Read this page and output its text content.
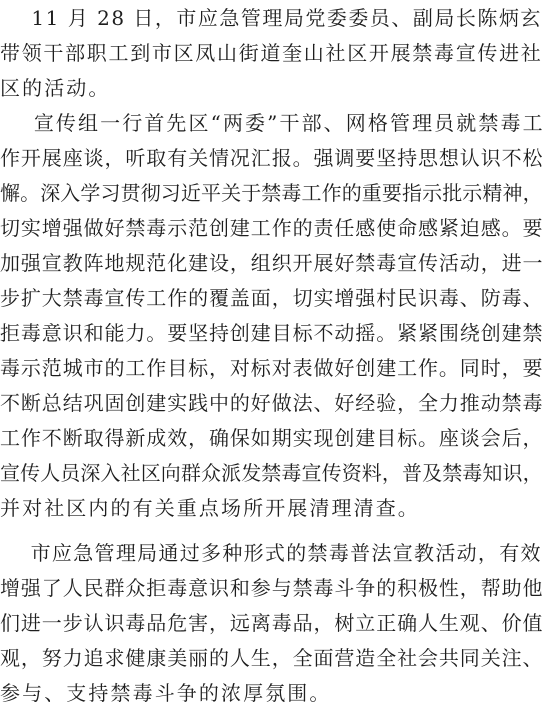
11 月 28 日，市应急管理局党委委员、副局长陈炳玄
带领干部职工到市区凤山街道奎山社区开展禁毒宣传进社
区的活动。
宣传组一行首先区“两委”干部、网格管理员就禁毒工
作开展座谈，听取有关情况汇报。强调要坚持思想认识不松
懈。深入学习贯彻习近平关于禁毒工作的重要指示批示精神，
切实增强做好禁毒示范创建工作的责任感使命感紧迫感。要
加强宣教阵地规范化建设，组织开展好禁毒宣传活动，进一
步扩大禁毒宣传工作的覆盖面，切实增强村民识毒、防毒、
拒毒意识和能力。要坚持创建目标不动摇。紧紧围绕创建禁
毒示范城市的工作目标，对标对表做好创建工作。同时，要
不断总结巩固创建实践中的好做法、好经验，全力推动禁毒
工作不断取得新成效，确保如期实现创建目标。座谈会后，
宣传人员深入社区向群众派发禁毒宣传资料，普及禁毒知识，
并对社区内的有关重点场所开展清理清查。
市应急管理局通过多种形式的禁毒普法宣教活动，有效
增强了人民群众拒毒意识和参与禁毒斗争的积极性，帮助他
们进一步认识毒品危害，远离毒品，树立正确人生观、价值
观，努力追求健康美丽的人生，全面营造全社会共同关注、
参与、支持禁毒斗争的浓厚氛围。
